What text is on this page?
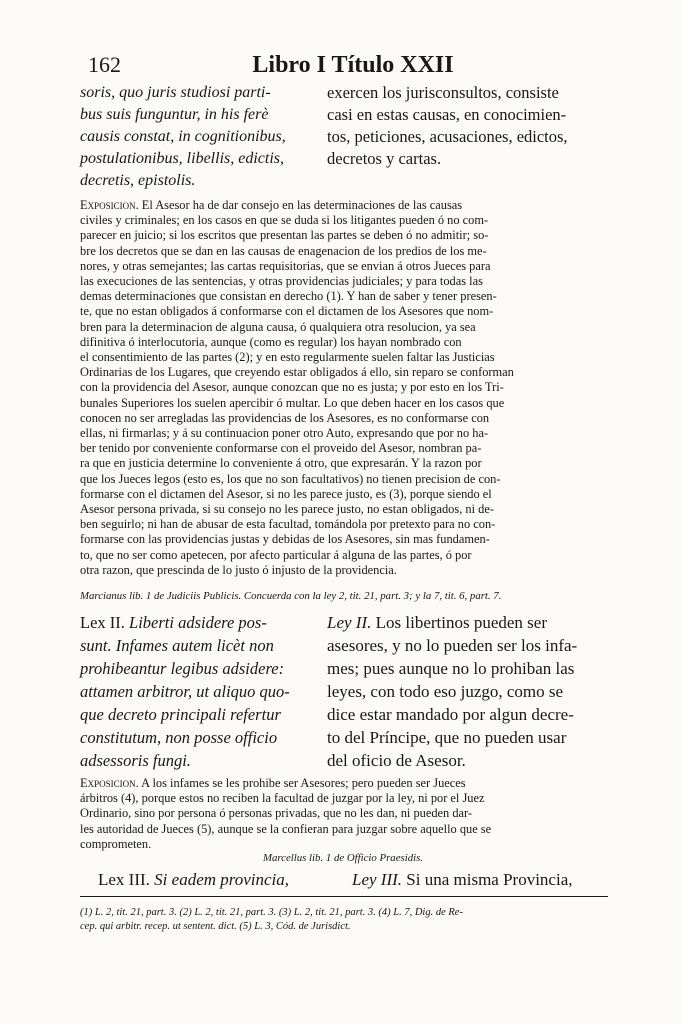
162	Libro I Título XXII
soris, quo juris studiosi parti-
bus suis funguntur, in his ferè
causis constat, in cognitionibus,
postulationibus, libellis, edictis,
decretis, epistolis.
exercen los jurisconsultos, consiste
casi en estas causas, en conocimien-
tos, peticiones, acusaciones, edictos,
decretos y cartas.
Exposicion. El Asesor ha de dar consejo en las determinaciones de las causas
civiles y criminales; en los casos en que se duda si los litigantes pueden ó no com-
parecer en juicio; si los escritos que presentan las partes se deben ó no admitir; so-
bre los decretos que se dan en las causas de enagenacion de los predios de los me-
nores, y otras semejantes; las cartas requisitorias, que se envian á otros Jueces para
las execuciones de las sentencias, y otras providencias judiciales; y para todas las
demas determinaciones que consistan en derecho (1). Y han de saber y tener presen-
te, que no estan obligados á conformarse con el dictamen de los Asesores que nom-
bren para la determinacion de alguna causa, ó qualquiera otra resolucion, ya sea
difinitiva ó interlocutoria, aunque (como es regular) los hayan nombrado con
el consentimiento de las partes (2); y en esto regularmente suelen faltar las Justicias
Ordinarias de los Lugares, que creyendo estar obligados á ello, sin reparo se conforman
con la providencia del Asesor, aunque conozcan que no es justa; y por esto en los Tri-
bunales Superiores los suelen apercibir ó multar. Lo que deben hacer en los casos que
conocen no ser arregladas las providencias de los Asesores, es no conformarse con
ellas, ni firmarlas; y á su continuacion poner otro Auto, expresando que por no ha-
ber tenido por conveniente conformarse con el proveido del Asesor, nombran pa-
ra que en justicia determine lo conveniente á otro, que expresarán. Y la razon por
que los Jueces legos (esto es, los que no son facultativos) no tienen precision de con-
formarse con el dictamen del Asesor, si no les parece justo, es (3), porque siendo el
Asesor persona privada, si su consejo no les parece justo, no estan obligados, ni de-
ben seguirlo; ni han de abusar de esta facultad, tomándola por pretexto para no con-
formarse con las providencias justas y debidas de los Asesores, sin mas fundamen-
to, que no ser como apetecen, por afecto particular á alguna de las partes, ó por
otra razon, que prescinda de lo justo ó injusto de la providencia.
Marcianus lib. 1 de Judiciis Publicis. Concuerda con la ley 2, tit. 21, part. 3; y la 7, tit. 6, part. 7.
Lex II. Liberti adsidere pos-
sunt. Infames autem licèt non
prohibeantur legibus adsidere:
attamen arbitror, ut aliquo quo-
que decreto principali refertur
constitutum, non posse officio
adsessoris fungi.
Ley II. Los libertinos pueden ser
asesores, y no lo pueden ser los infa-
mes; pues aunque no lo prohiban las
leyes, con todo eso juzgo, como se
dice estar mandado por algun decre-
to del Príncipe, que no pueden usar
del oficio de Asesor.
Exposicion. A los infames se les prohibe ser Asesores; pero pueden ser Jueces
árbitros (4), porque estos no reciben la facultad de juzgar por la ley, ni por el Juez
Ordinario, sino por persona ó personas privadas, que no les dan, ni pueden dar-
les autoridad de Jueces (5), aunque se la confieran para juzgar sobre aquello que se
comprometen.
Marcellus lib. 1 de Officio Praesidis.
Lex III. Si eadem provincia,	Ley III. Si una misma Provincia,
(1) L. 2, tit. 21, part. 3. (2) L. 2, tit. 21, part. 3. (3) L. 2, tit. 21, part. 3. (4) L. 7, Dig. de Re-
cep. qui arbitr. recep. ut sentent. dict. (5) L. 3, Cód. de Jurisdict.
